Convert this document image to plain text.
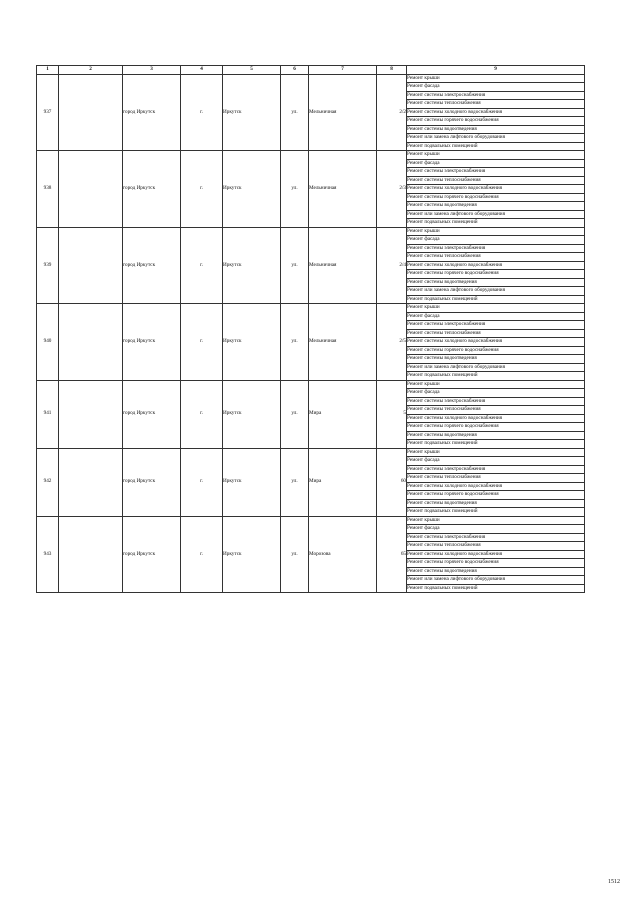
1	2	3	4	5	6	7	8	9
937		город Иркутск	г.	Иркутск	ул.	Мельничная	2/2	Ремонт крыши
								Ремонт фасада
								Ремонт системы электроснабжения
								Ремонт системы теплоснабжения
								Ремонт системы холодного водоснабжения
								Ремонт системы горячего водоснабжения
								Ремонт системы водоотведения
								Ремонт или замена лифтового оборудования
								Ремонт подвальных помещений
938		город Иркутск	г.	Иркутск	ул.	Мельничная	2/3	Ремонт крыши
								Ремонт фасада
								Ремонт системы электроснабжения
								Ремонт системы теплоснабжения
								Ремонт системы холодного водоснабжения
								Ремонт системы горячего водоснабжения
								Ремонт системы водоотведения
								Ремонт или замена лифтового оборудования
								Ремонт подвальных помещений
939		город Иркутск	г.	Иркутск	ул.	Мельничная	2/4	Ремонт крыши
								Ремонт фасада
								Ремонт системы электроснабжения
								Ремонт системы теплоснабжения
								Ремонт системы холодного водоснабжения
								Ремонт системы горячего водоснабжения
								Ремонт системы водоотведения
								Ремонт или замена лифтового оборудования
								Ремонт подвальных помещений
940		город Иркутск	г.	Иркутск	ул.	Мельничная	2/5	Ремонт крыши
								Ремонт фасада
								Ремонт системы электроснабжения
								Ремонт системы теплоснабжения
								Ремонт системы холодного водоснабжения
								Ремонт системы горячего водоснабжения
								Ремонт системы водоотведения
								Ремонт или замена лифтового оборудования
								Ремонт подвальных помещений
941		город Иркутск	г.	Иркутск	ул.	Мира	5	Ремонт крыши
								Ремонт фасада
								Ремонт системы электроснабжения
								Ремонт системы теплоснабжения
								Ремонт системы холодного водоснабжения
								Ремонт системы горячего водоснабжения
								Ремонт системы водоотведения
								Ремонт подвальных помещений
942		город Иркутск	г.	Иркутск	ул.	Мира	60	Ремонт крыши
								Ремонт фасада
								Ремонт системы электроснабжения
								Ремонт системы теплоснабжения
								Ремонт системы холодного водоснабжения
								Ремонт системы горячего водоснабжения
								Ремонт системы водоотведения
								Ремонт подвальных помещений
943		город Иркутск	г.	Иркутск	ул.	Морозова	65	Ремонт крыши
								Ремонт фасада
								Ремонт системы электроснабжения
								Ремонт системы теплоснабжения
								Ремонт системы холодного водоснабжения
								Ремонт системы горячего водоснабжения
								Ремонт системы водоотведения
								Ремонт или замена лифтового оборудования
								Ремонт подвальных помещений
1512
